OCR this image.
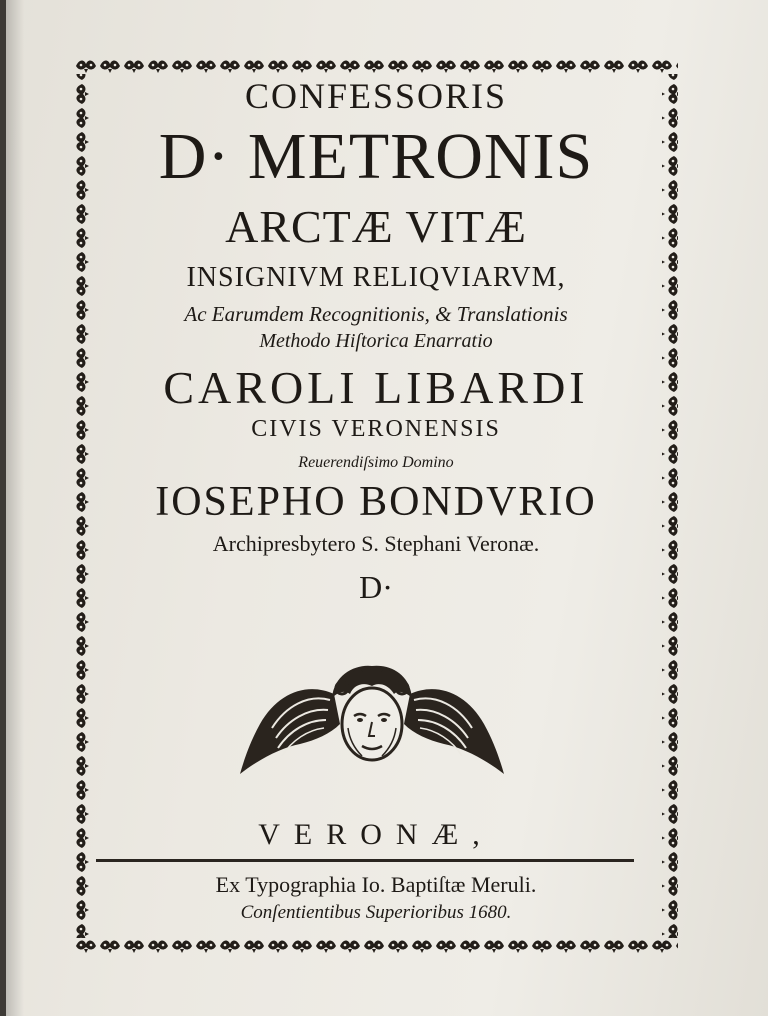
CONFESSORIS
D· METRONIS
ARCTÆ VITÆ
INSIGNIVM RELIQVIARVM,
Ac Earumdem Recognitionis, & Translationis
Methodo Hiſtorica Enarratio
CAROLI LIBARDI
CIVIS VERONENSIS
Reuerendiſsimo Domino
IOSEPHO BONDVRIO
Archipresbytero S. Stephani Veronæ.
D·
VERONÆ,
Ex Typographia Io. Baptiſtæ Meruli.
Conſentientibus Superioribus 1680.
